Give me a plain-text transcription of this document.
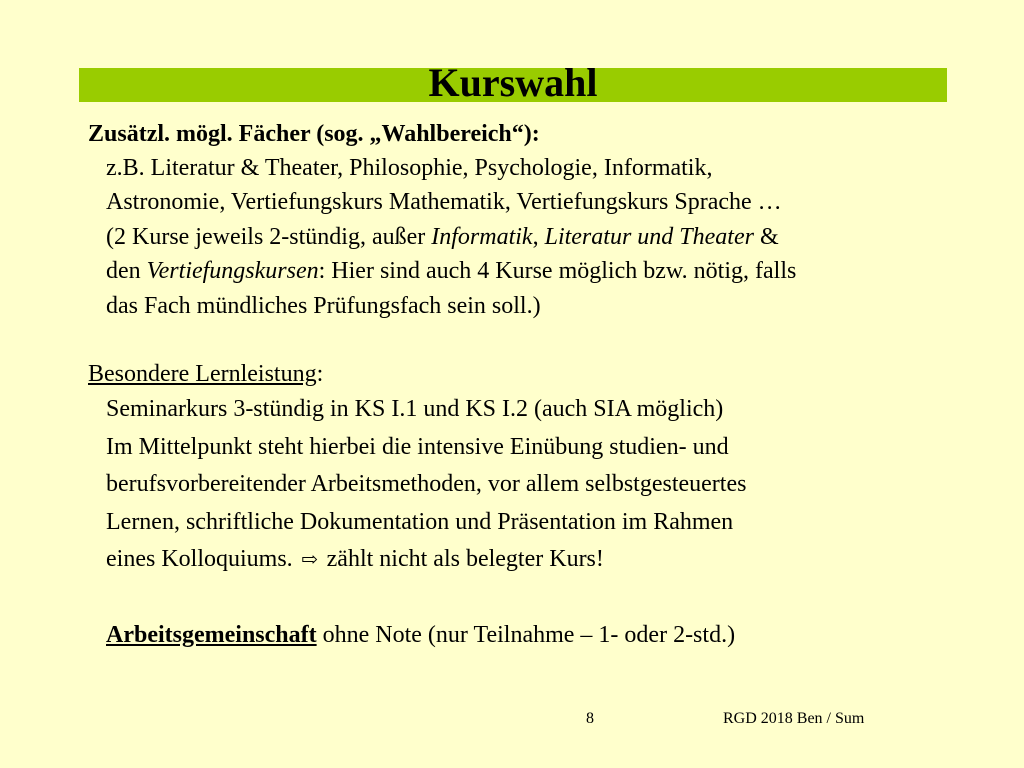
Kurswahl
Zusätzl. mögl. Fächer (sog. „Wahlbereich“):
z.B. Literatur & Theater, Philosophie, Psychologie, Informatik,
Astronomie, Vertiefungskurs Mathematik, Vertiefungskurs Sprache …
(2 Kurse jeweils 2-stündig, außer Informatik, Literatur und Theater &
den Vertiefungskursen: Hier sind auch 4 Kurse möglich bzw. nötig, falls
das Fach mündliches Prüfungsfach sein soll.)
Besondere Lernleistung:
Seminarkurs 3-stündig in KS I.1 und KS I.2 (auch SIA möglich)
Im Mittelpunkt steht hierbei die intensive Einübung studien- und
berufsvorbereitender Arbeitsmethoden, vor allem selbstgesteuertes
Lernen, schriftliche Dokumentation und Präsentation im Rahmen
eines Kolloquiums. ⇨ zählt nicht als belegter Kurs!
Arbeitsgemeinschaft ohne Note (nur Teilnahme – 1- oder 2-std.)
8	RGD 2018 Ben / Sum
